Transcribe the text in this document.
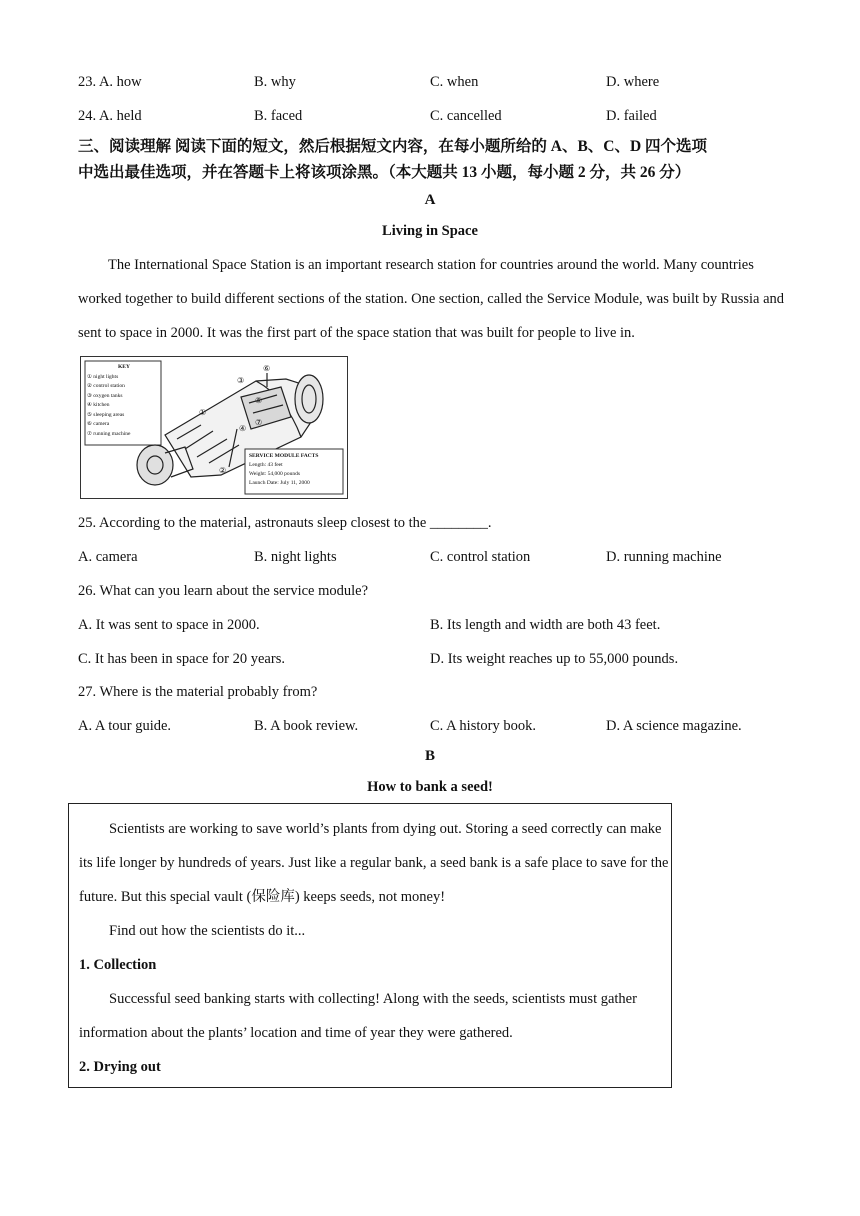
23. A. how	B. why	C. when	D. where
24. A. held	B. faced	C. cancelled	D. failed
三、阅读理解 阅读下面的短文，然后根据短文内容，在每小题所给的 A、B、C、D 四个选项
中选出最佳选项，并在答题卡上将该项涂黑。（本大题共 13 小题，每小题 2 分，共 26 分）
A
Living in Space
The International Space Station is an important research station for countries around the world. Many countries worked together to build different sections of the station. One section, called the Service Module, was built by Russia and sent to space in 2000. It was the first part of the space station that was built for people to live in.
①
②
③
④
⑤
⑥
⑦
KEY
① night lights
② control station
③ oxygen tanks
④ kitchen
⑤ sleeping areas
⑥ camera
⑦ running machine
SERVICE MODULE FACTS
Length: 43 feet
Weight: 54,000 pounds
Launch Date: July 11, 2000
25. According to the material, astronauts sleep closest to the ________.
A. camera	B. night lights	C. control station	D. running machine
26. What can you learn about the service module?
A. It was sent to space in 2000.	B. Its length and width are both 43 feet.
C. It has been in space for 20 years.	D. Its weight reaches up to 55,000 pounds.
27. Where is the material probably from?
A. A tour guide.	B. A book review.	C. A history book.	D. A science magazine.
B
How to bank a seed!
Scientists are working to save world’s plants from dying out. Storing a seed correctly can make its life longer by hundreds of years. Just like a regular bank, a seed bank is a safe place to save for the future. But this special vault (保险库) keeps seeds, not money!
Find out how the scientists do it...
1. Collection
Successful seed banking starts with collecting! Along with the seeds, scientists must gather information about the plants’ location and time of year they were gathered.
2. Drying out
